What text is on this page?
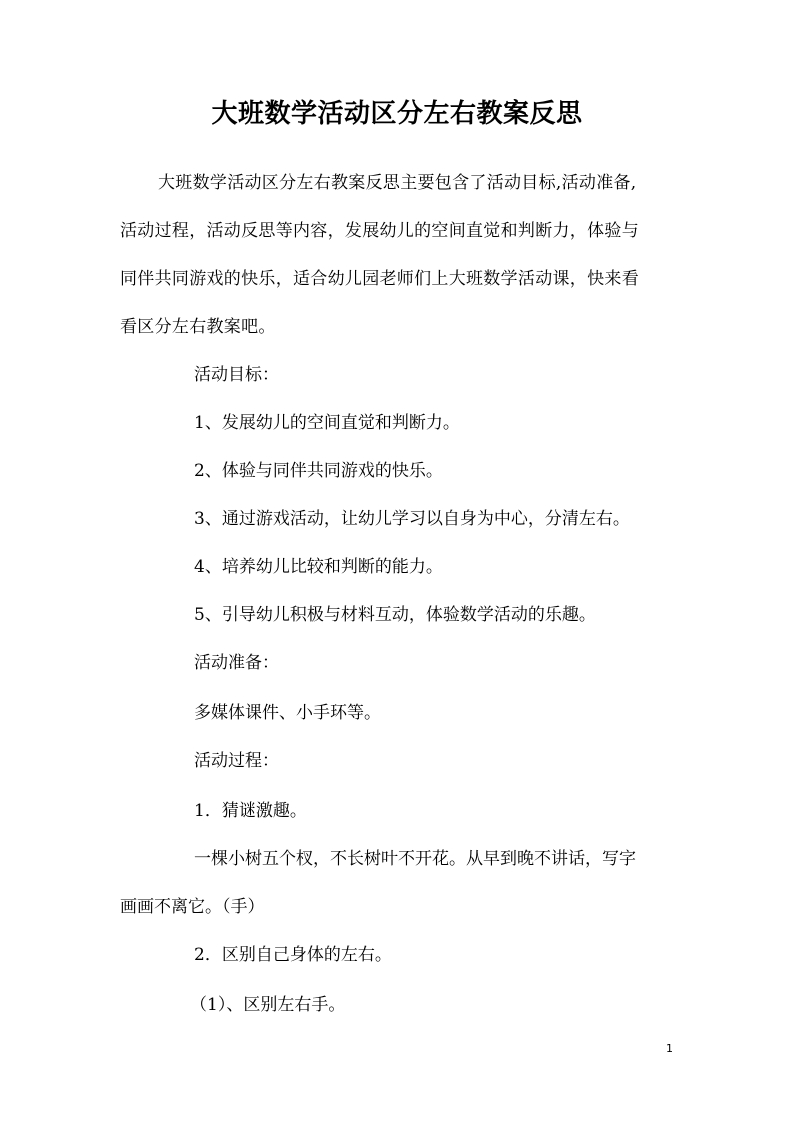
大班数学活动区分左右教案反思

大班数学活动区分左右教案反思主要包含了活动目标,活动准备,

活动过程，活动反思等内容，发展幼儿的空间直觉和判断力，体验与

同伴共同游戏的快乐，适合幼儿园老师们上大班数学活动课，快来看

看区分左右教案吧。

活动目标：

1、发展幼儿的空间直觉和判断力。

2、体验与同伴共同游戏的快乐。

3、通过游戏活动，让幼儿学习以自身为中心，分清左右。

4、培养幼儿比较和判断的能力。

5、引导幼儿积极与材料互动，体验数学活动的乐趣。

活动准备：

多媒体课件、小手环等。

活动过程：

1．猜谜激趣。

一棵小树五个杈，不长树叶不开花。从早到晚不讲话，写字

画画不离它。（手）

2．区别自己身体的左右。

（1）、区别左右手。

1
